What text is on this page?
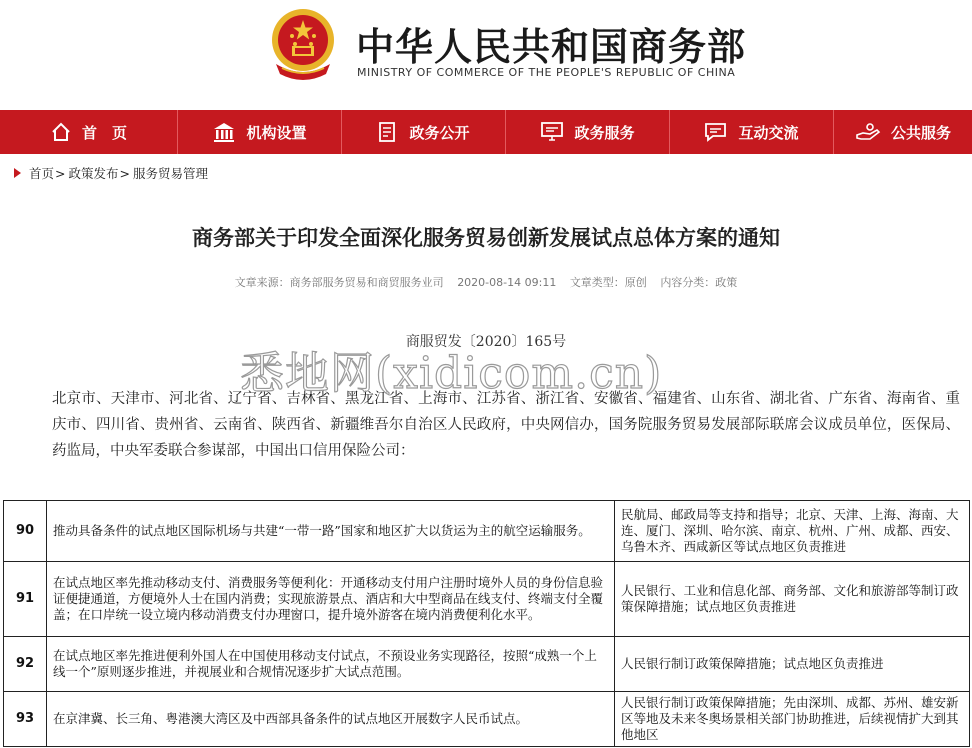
中华人民共和国商务部
MINISTRY OF COMMERCE OF THE PEOPLE'S REPUBLIC OF CHINA
首　页	机构设置	政务公开	政务服务	互动交流	公共服务
首页 > 政策发布 > 服务贸易管理
商务部关于印发全面深化服务贸易创新发展试点总体方案的通知
文章来源：商务部服务贸易和商贸服务业司 2020-08-14 09:11 文章类型：原创 内容分类：政策
商服贸发〔2020〕165号
北京市、天津市、河北省、辽宁省、吉林省、黑龙江省、上海市、江苏省、浙江省、安徽省、福建省、山东省、湖北省、广东省、海南省、重庆市、四川省、贵州省、云南省、陕西省、新疆维吾尔自治区人民政府，中央网信办，国务院服务贸易发展部际联席会议成员单位，医保局、药监局，中央军委联合参谋部，中国出口信用保险公司：
悉地网(xidicom.cn)
90	推动具备条件的试点地区国际机场与共建“一带一路”国家和地区扩大以货运为主的航空运输服务。	民航局、邮政局等支持和指导；北京、天津、上海、海南、大连、厦门、深圳、哈尔滨、南京、杭州、广州、成都、西安、乌鲁木齐、西咸新区等试点地区负责推进
91	在试点地区率先推动移动支付、消费服务等便利化：开通移动支付用户注册时境外人员的身份信息验证便捷通道，方便境外人士在国内消费；实现旅游景点、酒店和大中型商品在线支付、终端支付全覆盖；在口岸统一设立境内移动消费支付办理窗口，提升境外游客在境内消费便利化水平。	人民银行、工业和信息化部、商务部、文化和旅游部等制订政策保障措施；试点地区负责推进
92	在试点地区率先推进便利外国人在中国使用移动支付试点，不预设业务实现路径，按照“成熟一个上线一个”原则逐步推进，并视展业和合规情况逐步扩大试点范围。	人民银行制订政策保障措施；试点地区负责推进
93	在京津冀、长三角、粤港澳大湾区及中西部具备条件的试点地区开展数字人民币试点。	人民银行制订政策保障措施；先由深圳、成都、苏州、雄安新区等地及未来冬奥场景相关部门协助推进，后续视情扩大到其他地区
